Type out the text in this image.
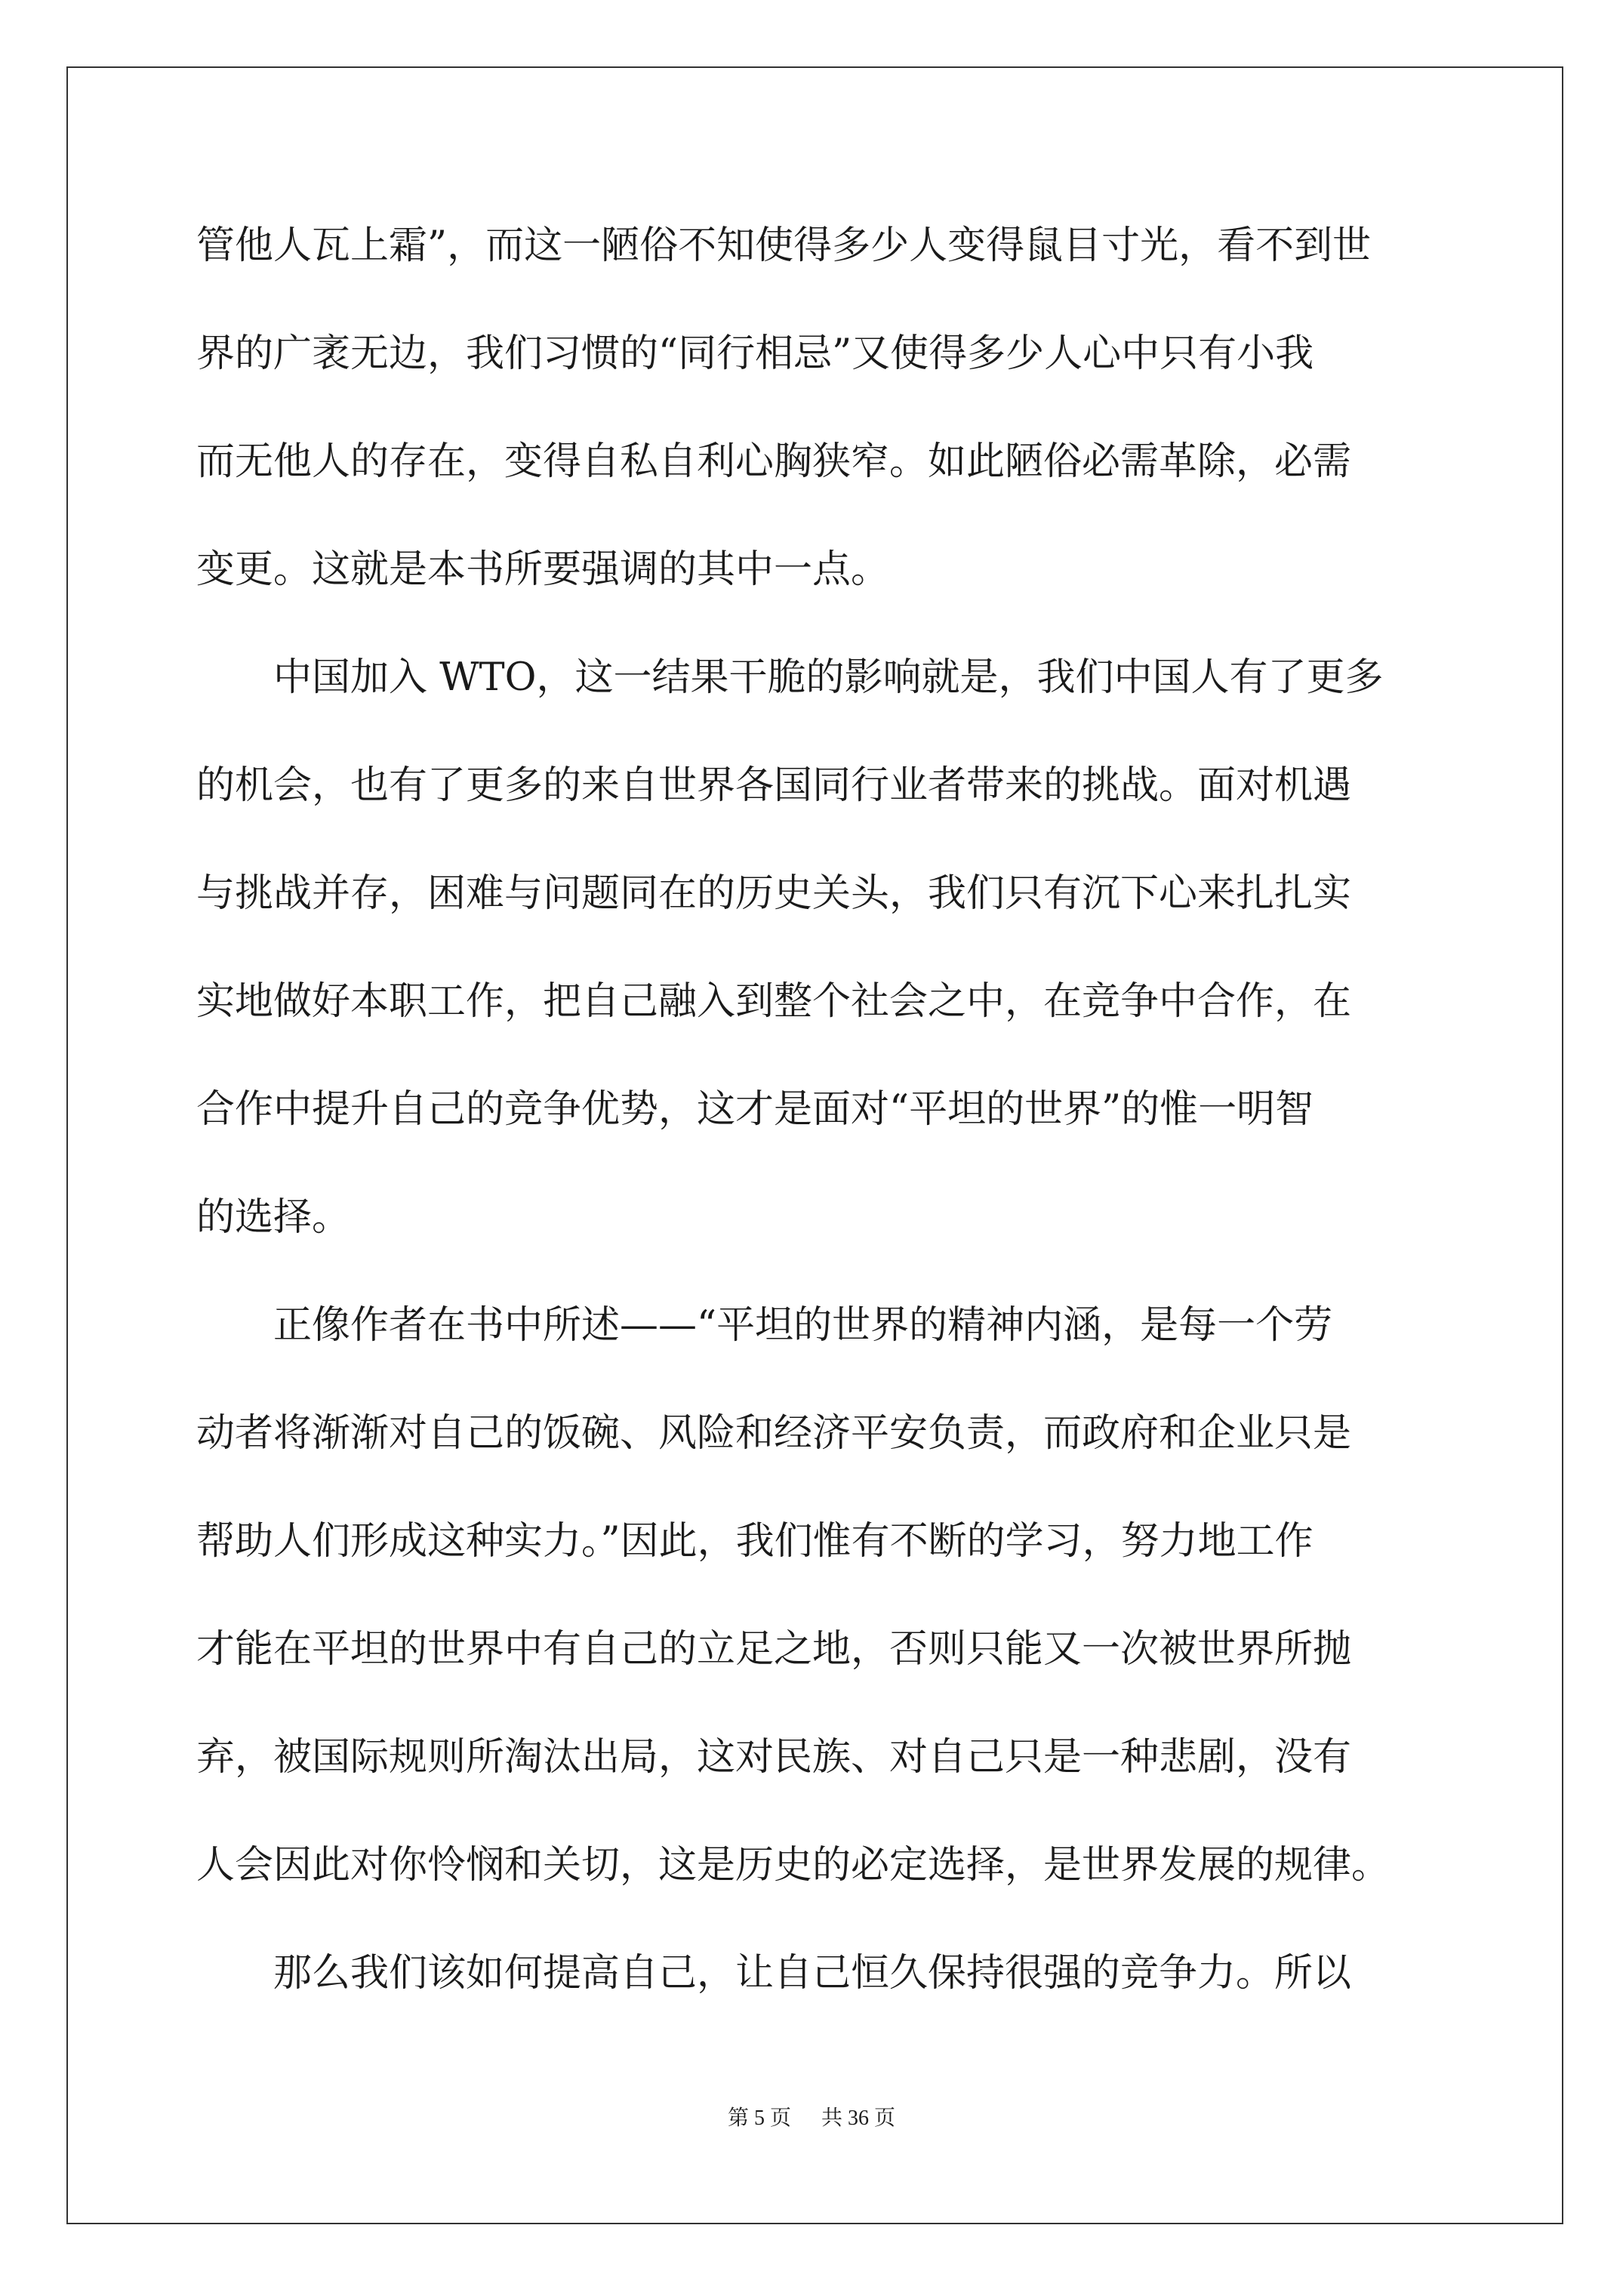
管他人瓦上霜”，而这一陋俗不知使得多少人变得鼠目寸光，看不到世
界的广袤无边，我们习惯的“同行相忌”又使得多少人心中只有小我
而无他人的存在，变得自私自利心胸狭窄。如此陋俗必需革除，必需
变更。这就是本书所要强调的其中一点。
　　中国加入 WTO，这一结果干脆的影响就是，我们中国人有了更多
的机会，也有了更多的来自世界各国同行业者带来的挑战。面对机遇
与挑战并存，困难与问题同在的历史关头，我们只有沉下心来扎扎实
实地做好本职工作，把自己融入到整个社会之中，在竞争中合作，在
合作中提升自己的竞争优势，这才是面对“平坦的世界”的惟一明智
的选择。
　　正像作者在书中所述——“平坦的世界的精神内涵，是每一个劳
动者将渐渐对自己的饭碗、风险和经济平安负责，而政府和企业只是
帮助人们形成这种实力。”因此，我们惟有不断的学习，努力地工作
才能在平坦的世界中有自己的立足之地，否则只能又一次被世界所抛
弃，被国际规则所淘汰出局，这对民族、对自己只是一种悲剧，没有
人会因此对你怜悯和关切，这是历史的必定选择，是世界发展的规律。
　　那么我们该如何提高自己，让自己恒久保持很强的竞争力。所以
第 5 页 共 36 页
